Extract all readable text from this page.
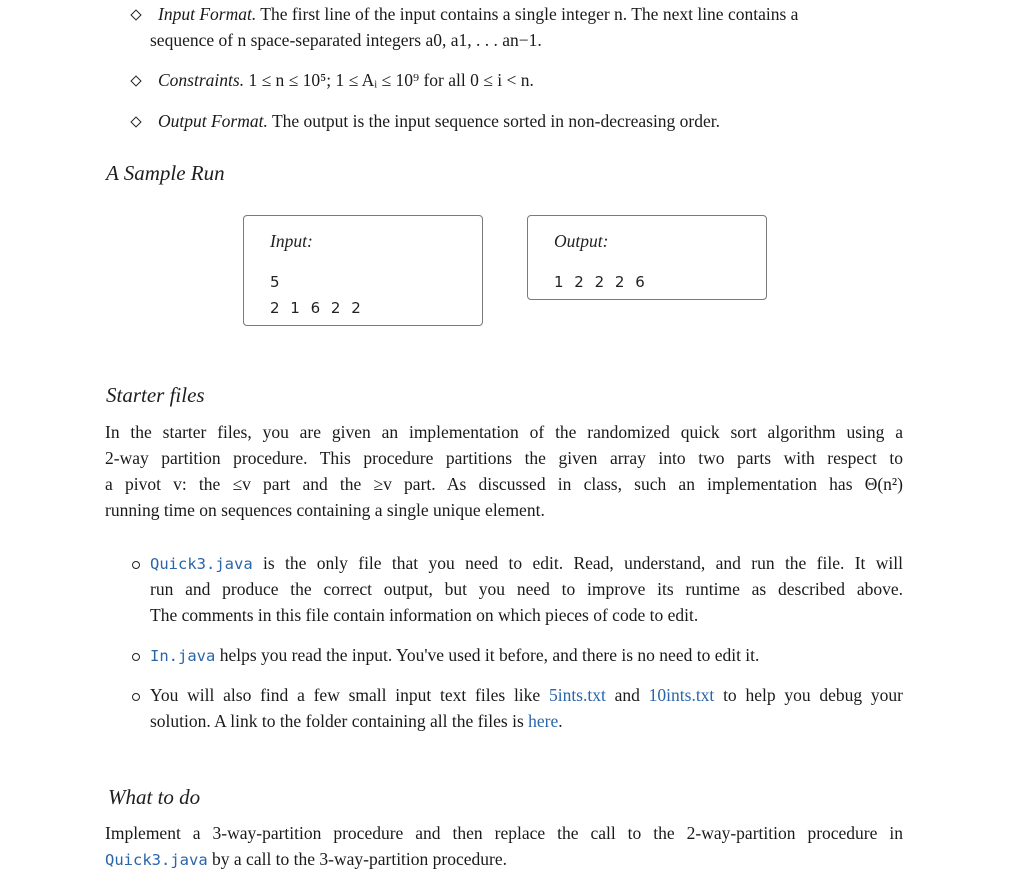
Input Format. The first line of the input contains a single integer n. The next line contains a
sequence of n space-separated integers a0, a1, . . . an−1.
Constraints. 1 ≤ n ≤ 10⁵; 1 ≤ Aᵢ ≤ 10⁹ for all 0 ≤ i < n.
Output Format. The output is the input sequence sorted in non-decreasing order.
A Sample Run
Input:
5
2 1 6 2 2
Output:
1 2 2 2 6
Starter files
In the starter files, you are given an implementation of the randomized quick sort algorithm using a
2-way partition procedure. This procedure partitions the given array into two parts with respect to
a pivot v: the ≤v part and the ≥v part. As discussed in class, such an implementation has Θ(n²)
running time on sequences containing a single unique element.
Quick3.java is the only file that you need to edit. Read, understand, and run the file. It will
run and produce the correct output, but you need to improve its runtime as described above.
The comments in this file contain information on which pieces of code to edit.
In.java helps you read the input. You've used it before, and there is no need to edit it.
You will also find a few small input text files like 5ints.txt and 10ints.txt to help you debug your
solution. A link to the folder containing all the files is here.
What to do
Implement a 3-way-partition procedure and then replace the call to the 2-way-partition procedure in
Quick3.java by a call to the 3-way-partition procedure.
